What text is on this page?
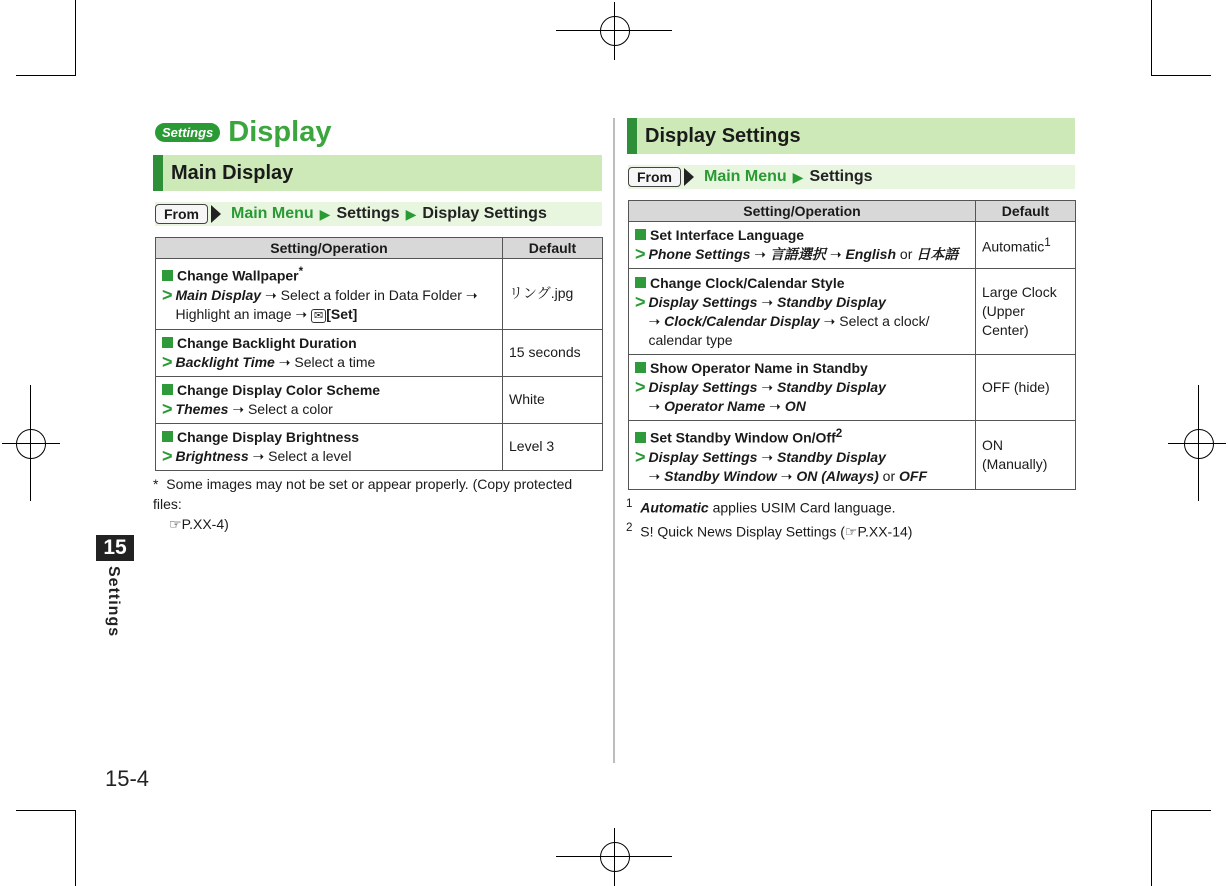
15
Settings
15-4
Settings Display
Main Display
From	Main Menu ▶ Settings ▶ Display Settings
Setting/Operation	Default

Change Wallpaper*
> Main Display ➝ Select a folder in Data Folder ➝
Highlight an image ➝ ✉ [Set]	リング.jpg

Change Backlight Duration
> Backlight Time ➝ Select a time	15 seconds

Change Display Color Scheme
> Themes ➝ Select a color	White

Change Display Brightness
> Brightness ➝ Select a level	Level 3
* Some images may not be set or appear properly. (Copy protected files:
☞P.XX-4)
Display Settings
From	Main Menu ▶ Settings
Setting/Operation	Default

Set Interface Language
> Phone Settings ➝ 言語選択 ➝ English or 日本語	Automatic$^1$

Change Clock/Calendar Style
> Display Settings ➝ Standby Display
➝ Clock/Calendar Display ➝ Select a clock/
calendar type	Large Clock (Upper Center)

Show Operator Name in Standby
> Display Settings ➝ Standby Display
➝ Operator Name ➝ ON	OFF (hide)

Set Standby Window On/Off$^2$
> Display Settings ➝ Standby Display
➝ Standby Window ➝ ON (Always) or OFF	ON (Manually)
$^1$ Automatic applies USIM Card language.
$^2$ S! Quick News Display Settings (☞P.XX-14)
